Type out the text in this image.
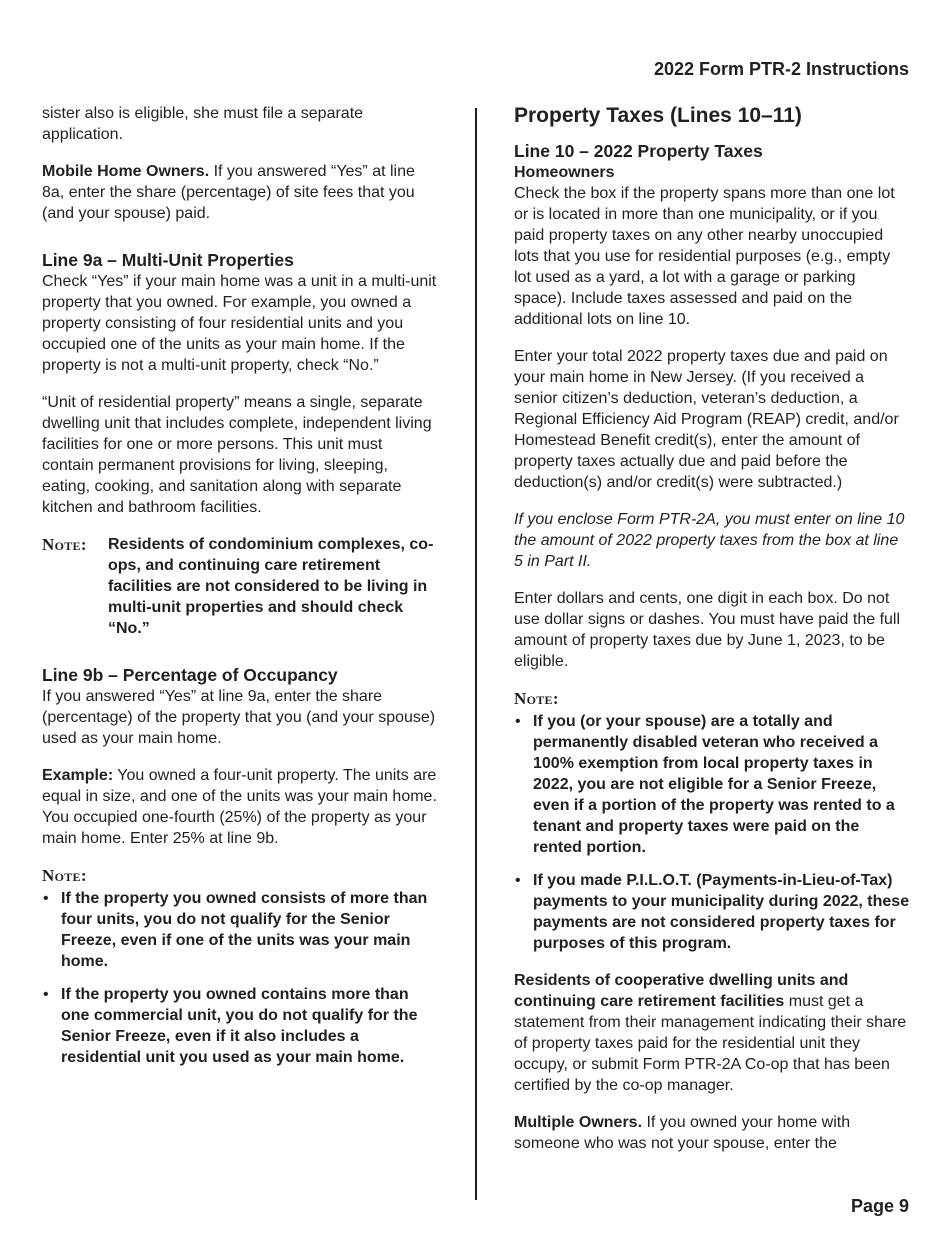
2022 Form PTR-2 Instructions

sister also is eligible, she must file a separate application.

Mobile Home Owners. If you answered “Yes” at line 8a, enter the share (percentage) of site fees that you (and your spouse) paid.

Line 9a – Multi-Unit Properties

Check “Yes” if your main home was a unit in a multi-unit property that you owned. For example, you owned a property consisting of four residential units and you occupied one of the units as your main home. If the property is not a multi-unit property, check “No.”

“Unit of residential property” means a single, separate dwelling unit that includes complete, independent living facilities for one or more persons. This unit must contain permanent provisions for living, sleeping, eating, cooking, and sanitation along with separate kitchen and bathroom facilities.

Note:	Residents of condominium complexes, co-ops, and continuing care retirement facilities are not considered to be living in multi-unit properties and should check “No.”
Line 9b – Percentage of Occupancy

If you answered “Yes” at line 9a, enter the share (percentage) of the property that you (and your spouse) used as your main home.

Example: You owned a four-unit property. The units are equal in size, and one of the units was your main home. You occupied one-fourth (25%) of the property as your main home. Enter 25% at line 9b.

Note:
• If the property you owned consists of more than four units, you do not qualify for the Senior Freeze, even if one of the units was your main home.
• If the property you owned contains more than one commercial unit, you do not qualify for the Senior Freeze, even if it also includes a residential unit you used as your main home.
Property Taxes (Lines 10–11)
Line 10 – 2022 Property Taxes
Homeowners

Check the box if the property spans more than one lot or is located in more than one municipality, or if you paid property taxes on any other nearby unoccupied lots that you use for residential purposes (e.g., empty lot used as a yard, a lot with a garage or parking space). Include taxes assessed and paid on the additional lots on line 10.

Enter your total 2022 property taxes due and paid on your main home in New Jersey. (If you received a senior citizen’s deduction, veteran’s deduction, a Regional Efficiency Aid Program (REAP) credit, and/or Homestead Benefit credit(s), enter the amount of property taxes actually due and paid before the deduction(s) and/or credit(s) were subtracted.)

If you enclose Form PTR-2A, you must enter on line 10 the amount of 2022 property taxes from the box at line 5 in Part II.

Enter dollars and cents, one digit in each box. Do not use dollar signs or dashes. You must have paid the full amount of property taxes due by June 1, 2023, to be eligible.

Note:
• If you (or your spouse) are a totally and permanently disabled veteran who received a 100% exemption from local property taxes in 2022, you are not eligible for a Senior Freeze, even if a portion of the property was rented to a tenant and property taxes were paid on the rented portion.
• If you made P.I.L.O.T. (Payments-in-Lieu-of-Tax) payments to your municipality during 2022, these payments are not considered property taxes for purposes of this program.

Residents of cooperative dwelling units and continuing care retirement facilities must get a statement from their management indicating their share of property taxes paid for the residential unit they occupy, or submit Form PTR-2A Co-op that has been certified by the co-op manager.

Multiple Owners. If you owned your home with someone who was not your spouse, enter the

Page 9
